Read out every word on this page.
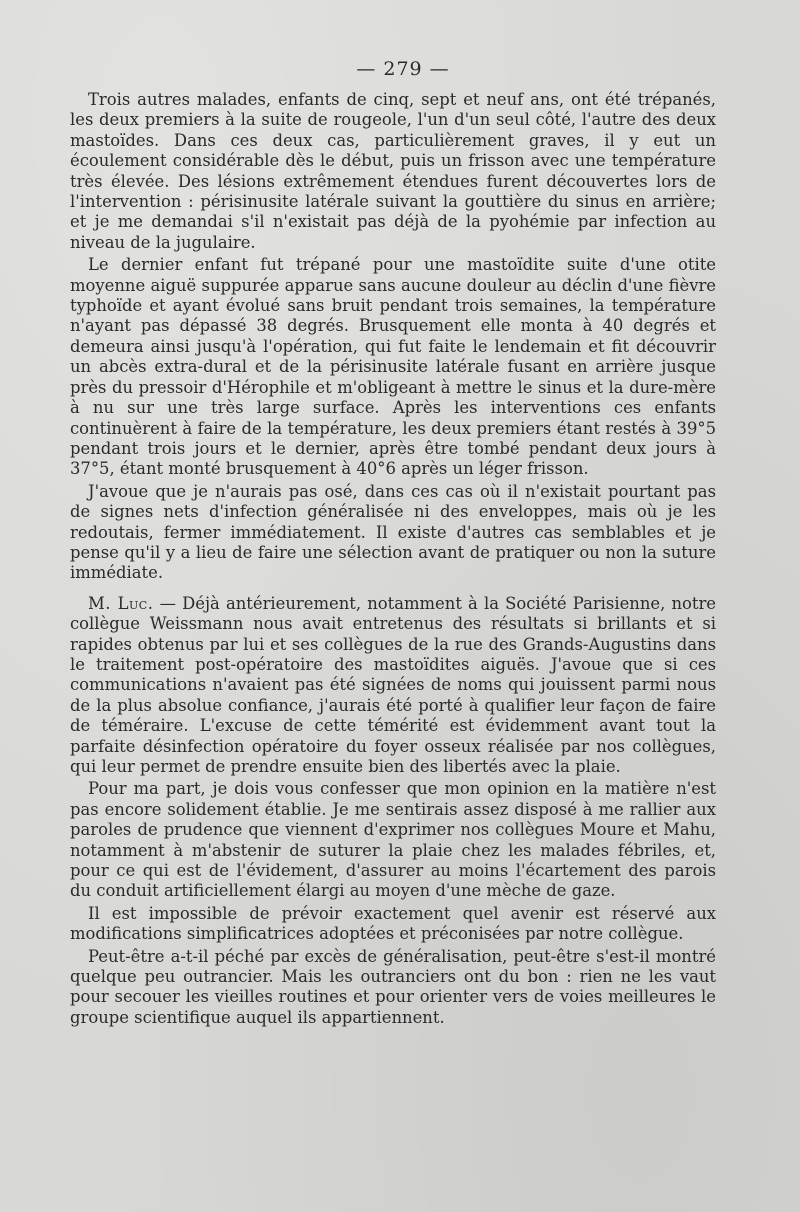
— 279 —

Trois autres malades, enfants de cinq, sept et neuf ans, ont été trépanés, les deux premiers à la suite de rougeole, l'un d'un seul côté, l'autre des deux mastoïdes. Dans ces deux cas, particulièrement graves, il y eut un écoulement considérable dès le début, puis un frisson avec une température très élevée. Des lésions extrêmement étendues furent découvertes lors de l'intervention : périsinusite latérale suivant la gouttière du sinus en arrière; et je me demandai s'il n'existait pas déjà de la pyohémie par infection au niveau de la jugulaire.

Le dernier enfant fut trépané pour une mastoïdite suite d'une otite moyenne aiguë suppurée apparue sans aucune douleur au déclin d'une fièvre typhoïde et ayant évolué sans bruit pendant trois semaines, la température n'ayant pas dépassé 38 degrés. Brusquement elle monta à 40 degrés et demeura ainsi jusqu'à l'opération, qui fut faite le lendemain et fit découvrir un abcès extra-dural et de la périsinusite latérale fusant en arrière jusque près du pressoir d'Hérophile et m'obligeant à mettre le sinus et la dure-mère à nu sur une très large surface. Après les interventions ces enfants continuèrent à faire de la température, les deux premiers étant restés à 39°5 pendant trois jours et le dernier, après être tombé pendant deux jours à 37°5, étant monté brusquement à 40°6 après un léger frisson.

J'avoue que je n'aurais pas osé, dans ces cas où il n'existait pourtant pas de signes nets d'infection généralisée ni des enveloppes, mais où je les redoutais, fermer immédiatement. Il existe d'autres cas semblables et je pense qu'il y a lieu de faire une sélection avant de pratiquer ou non la suture immédiate.

M. Luc. — Déjà antérieurement, notamment à la Société Parisienne, notre collègue Weissmann nous avait entretenus des résultats si brillants et si rapides obtenus par lui et ses collègues de la rue des Grands-Augustins dans le traitement post-opératoire des mastoïdites aiguës. J'avoue que si ces communications n'avaient pas été signées de noms qui jouissent parmi nous de la plus absolue confiance, j'aurais été porté à qualifier leur façon de faire de téméraire. L'excuse de cette témérité est évidemment avant tout la parfaite désinfection opératoire du foyer osseux réalisée par nos collègues, qui leur permet de prendre ensuite bien des libertés avec la plaie.

Pour ma part, je dois vous confesser que mon opinion en la matière n'est pas encore solidement établie. Je me sentirais assez disposé à me rallier aux paroles de prudence que viennent d'exprimer nos collègues Moure et Mahu, notamment à m'abstenir de suturer la plaie chez les malades fébriles, et, pour ce qui est de l'évidement, d'assurer au moins l'écartement des parois du conduit artificiellement élargi au moyen d'une mèche de gaze.

Il est impossible de prévoir exactement quel avenir est réservé aux modifications simplificatrices adoptées et préconisées par notre collègue.

Peut-être a-t-il péché par excès de généralisation, peut-être s'est-il montré quelque peu outrancier. Mais les outranciers ont du bon : rien ne les vaut pour secouer les vieilles routines et pour orienter vers de voies meilleures le groupe scientifique auquel ils appartiennent.
